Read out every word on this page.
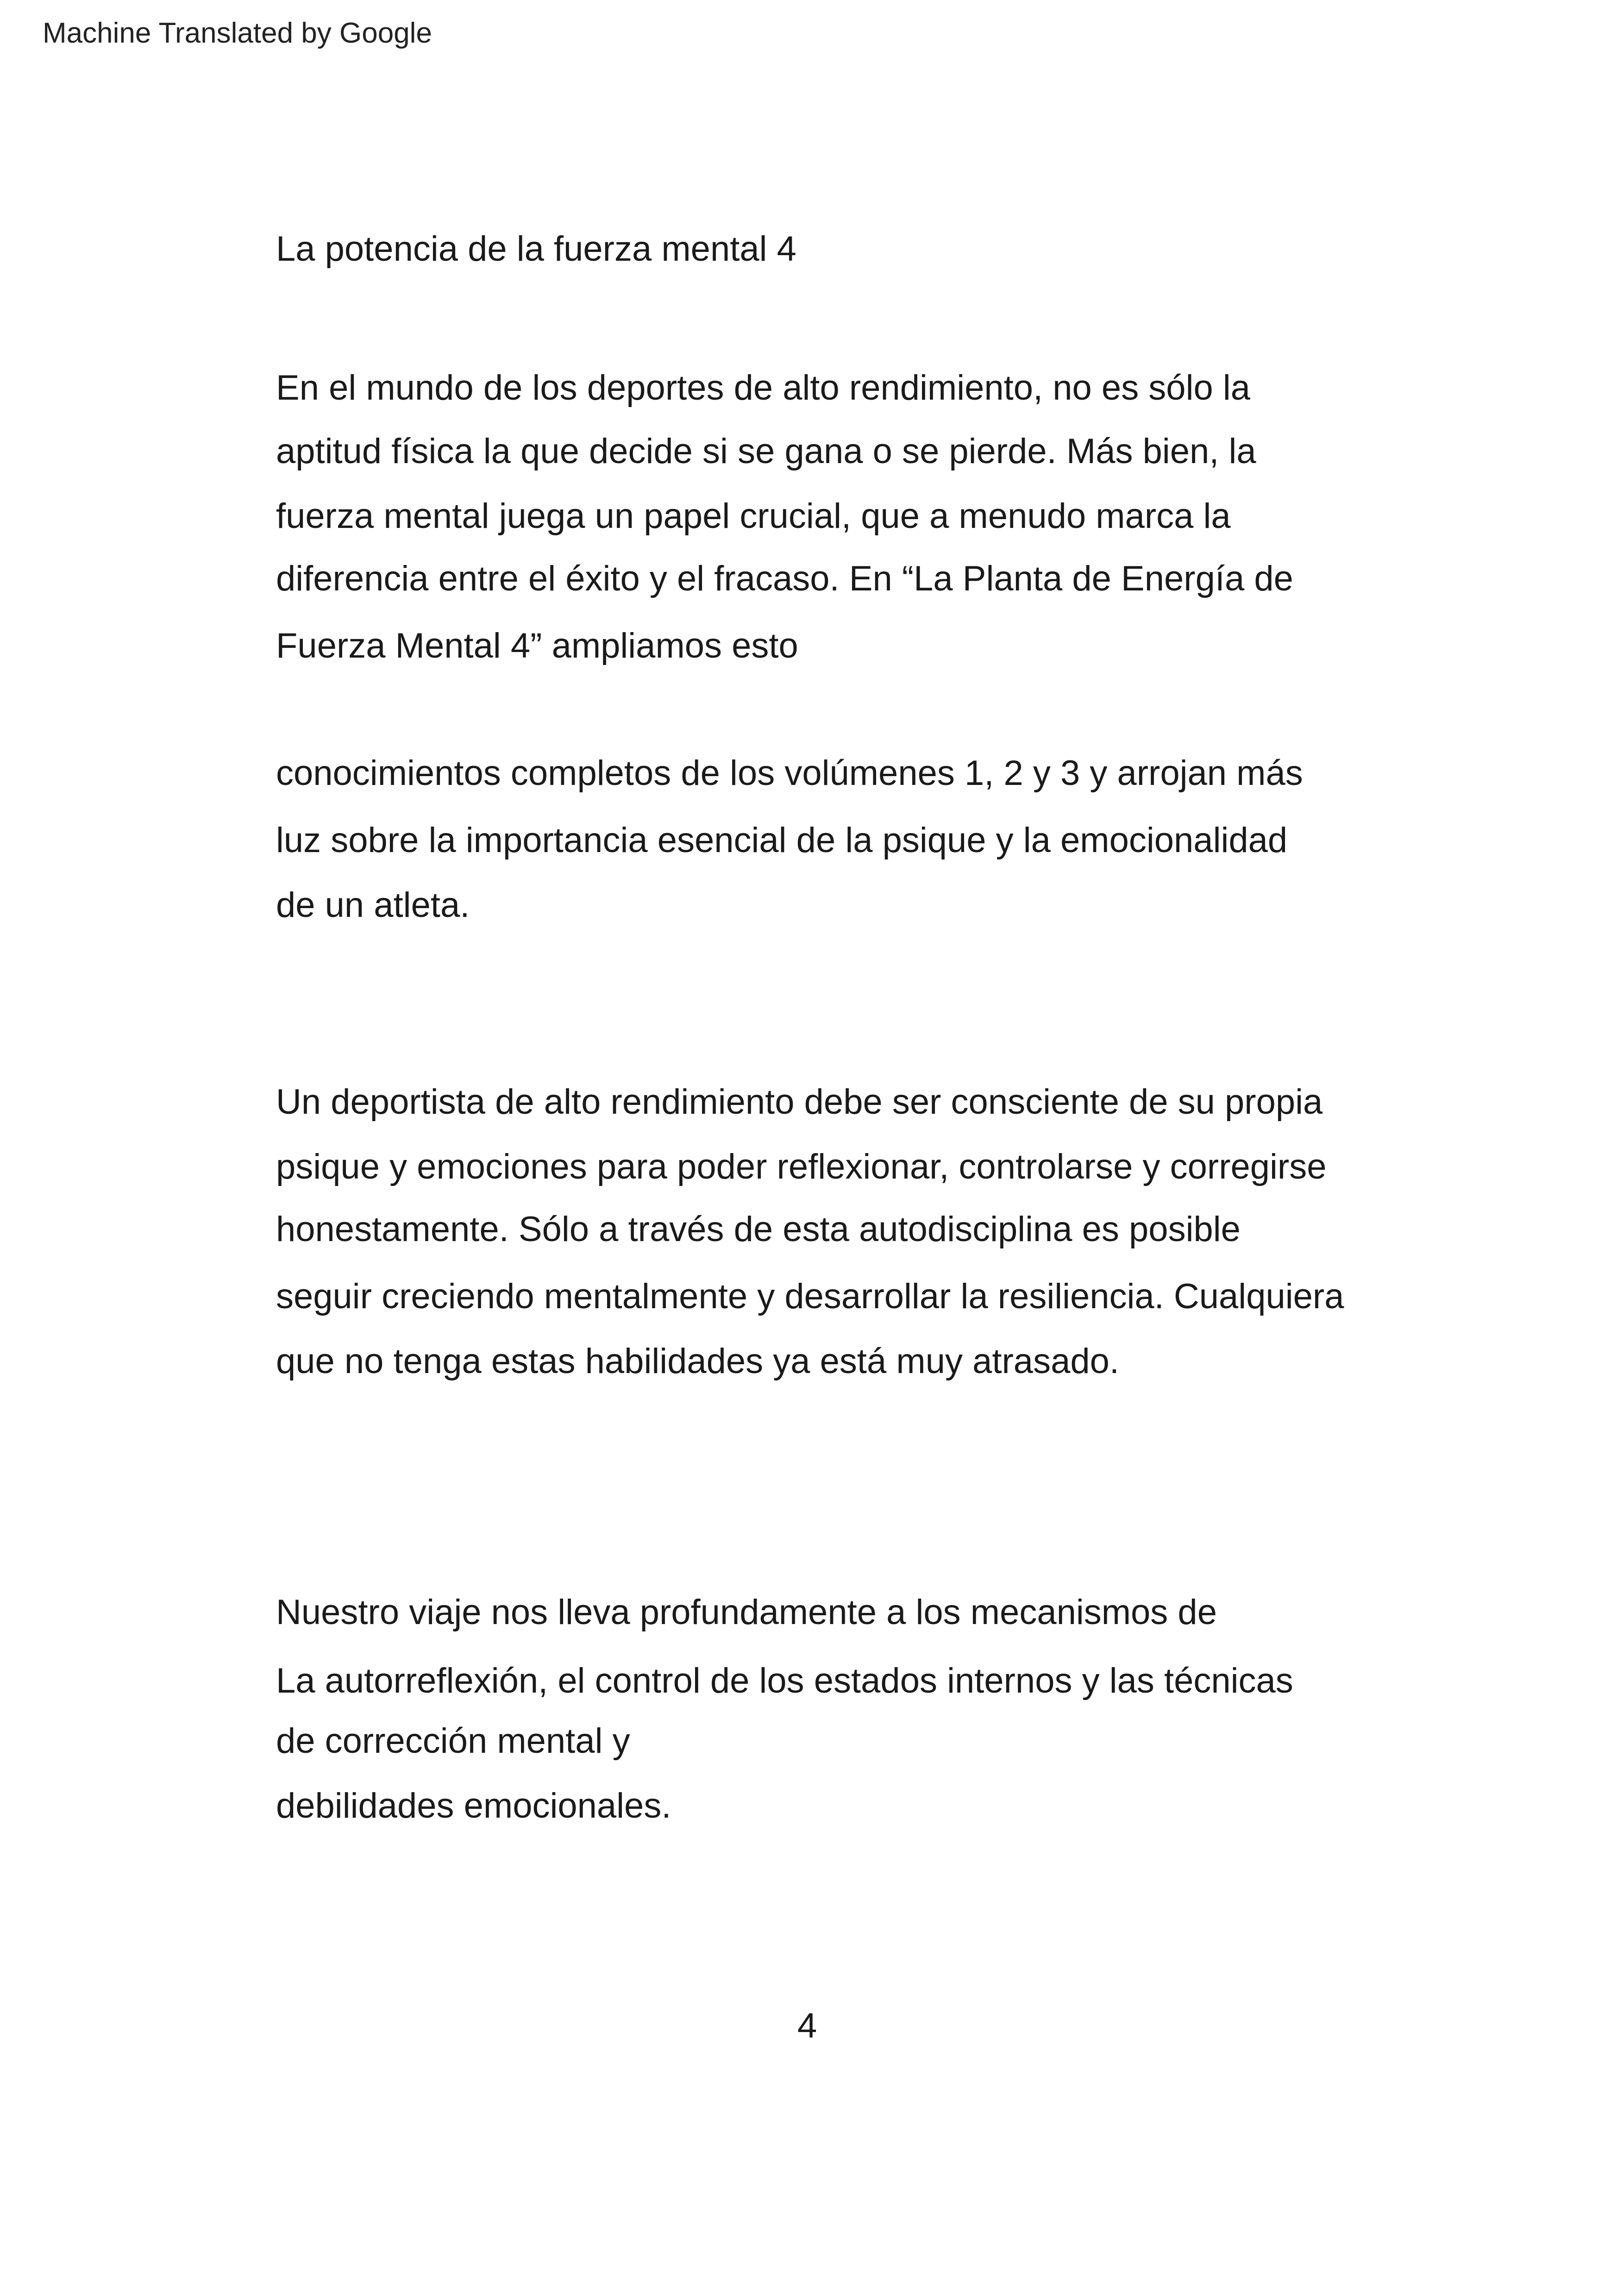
Machine Translated by Google
La potencia de la fuerza mental 4
En el mundo de los deportes de alto rendimiento, no es sólo la
aptitud física la que decide si se gana o se pierde. Más bien, la
fuerza mental juega un papel crucial, que a menudo marca la
diferencia entre el éxito y el fracaso. En “La Planta de Energía de
Fuerza Mental 4” ampliamos esto
conocimientos completos de los volúmenes 1, 2 y 3 y arrojan más
luz sobre la importancia esencial de la psique y la emocionalidad
de un atleta.
Un deportista de alto rendimiento debe ser consciente de su propia
psique y emociones para poder reflexionar, controlarse y corregirse
honestamente. Sólo a través de esta autodisciplina es posible
seguir creciendo mentalmente y desarrollar la resiliencia. Cualquiera
que no tenga estas habilidades ya está muy atrasado.
Nuestro viaje nos lleva profundamente a los mecanismos de
La autorreflexión, el control de los estados internos y las técnicas
de corrección mental y
debilidades emocionales.
4
